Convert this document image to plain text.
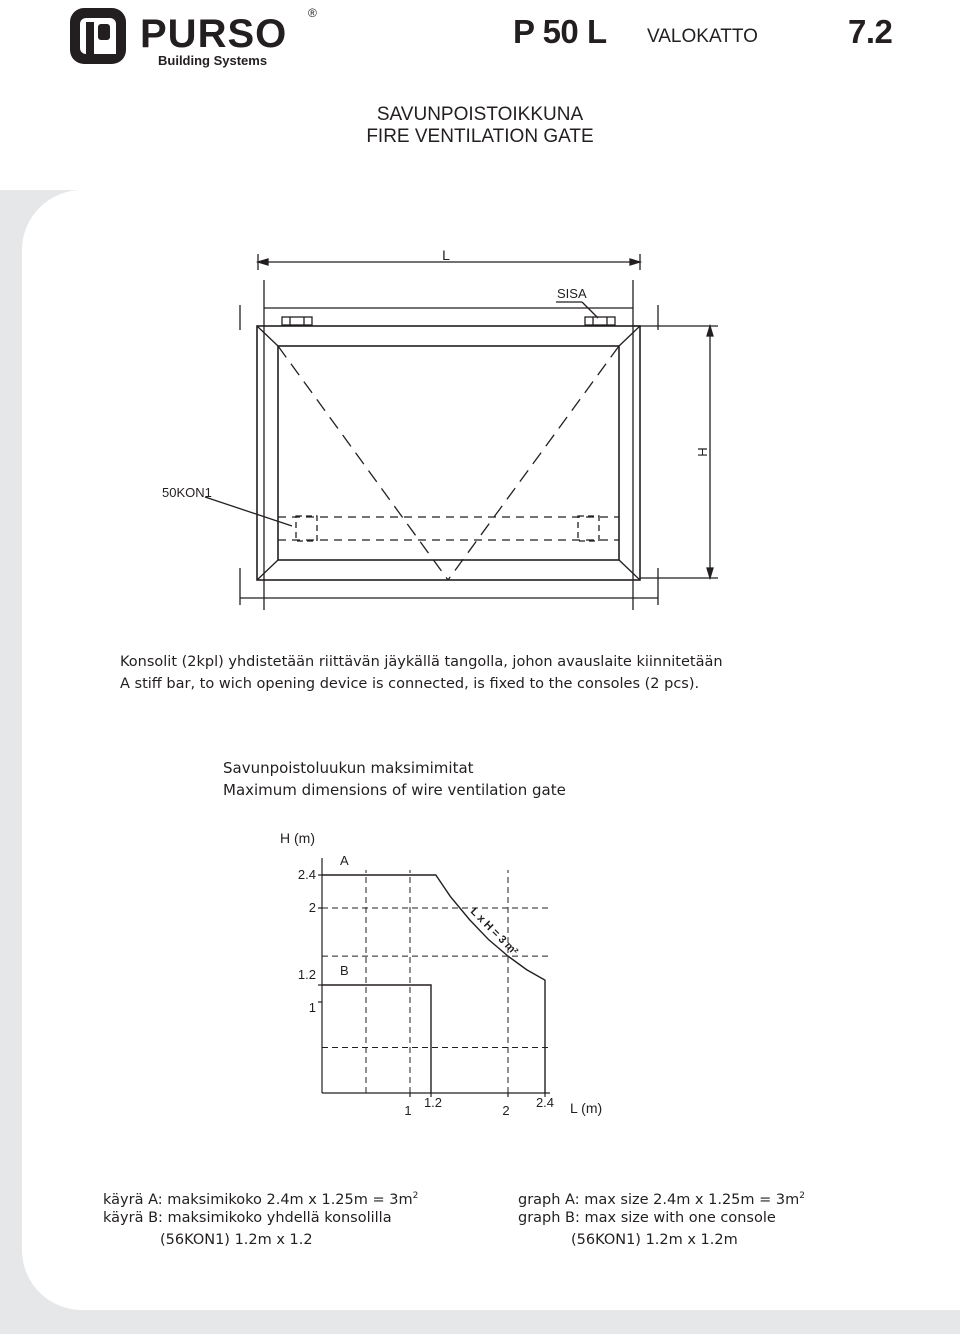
PURSO ®
Building Systems
P 50 L VALOKATTO	7.2
SAVUNPOISTOIKKUNA
FIRE VENTILATION GATE
L
H
SISA
50KON1
Konsolit (2kpl) yhdistetään riittävän jäykällä tangolla, johon avauslaite kiinnitetään
A stiff bar, to wich opening device is connected, is fixed to the consoles (2 pcs).
Savunpoistoluukun maksimimitat
Maximum dimensions of wire ventilation gate
A
B
2.4
2
1.2
1
1
1.2
2
2.4
H (m)
L (m)
L x H = 3 m²
käyrä A: maksimikoko 2.4m x $1.25m = 3m^2$
käyrä B: maksimikoko yhdellä konsolilla
(56KON1) 1.2m x 1.2
graph A: max size 2.4m x $1.25m = 3m^2$
graph B: max size with one console
(56KON1) 1.2m x 1.2m
